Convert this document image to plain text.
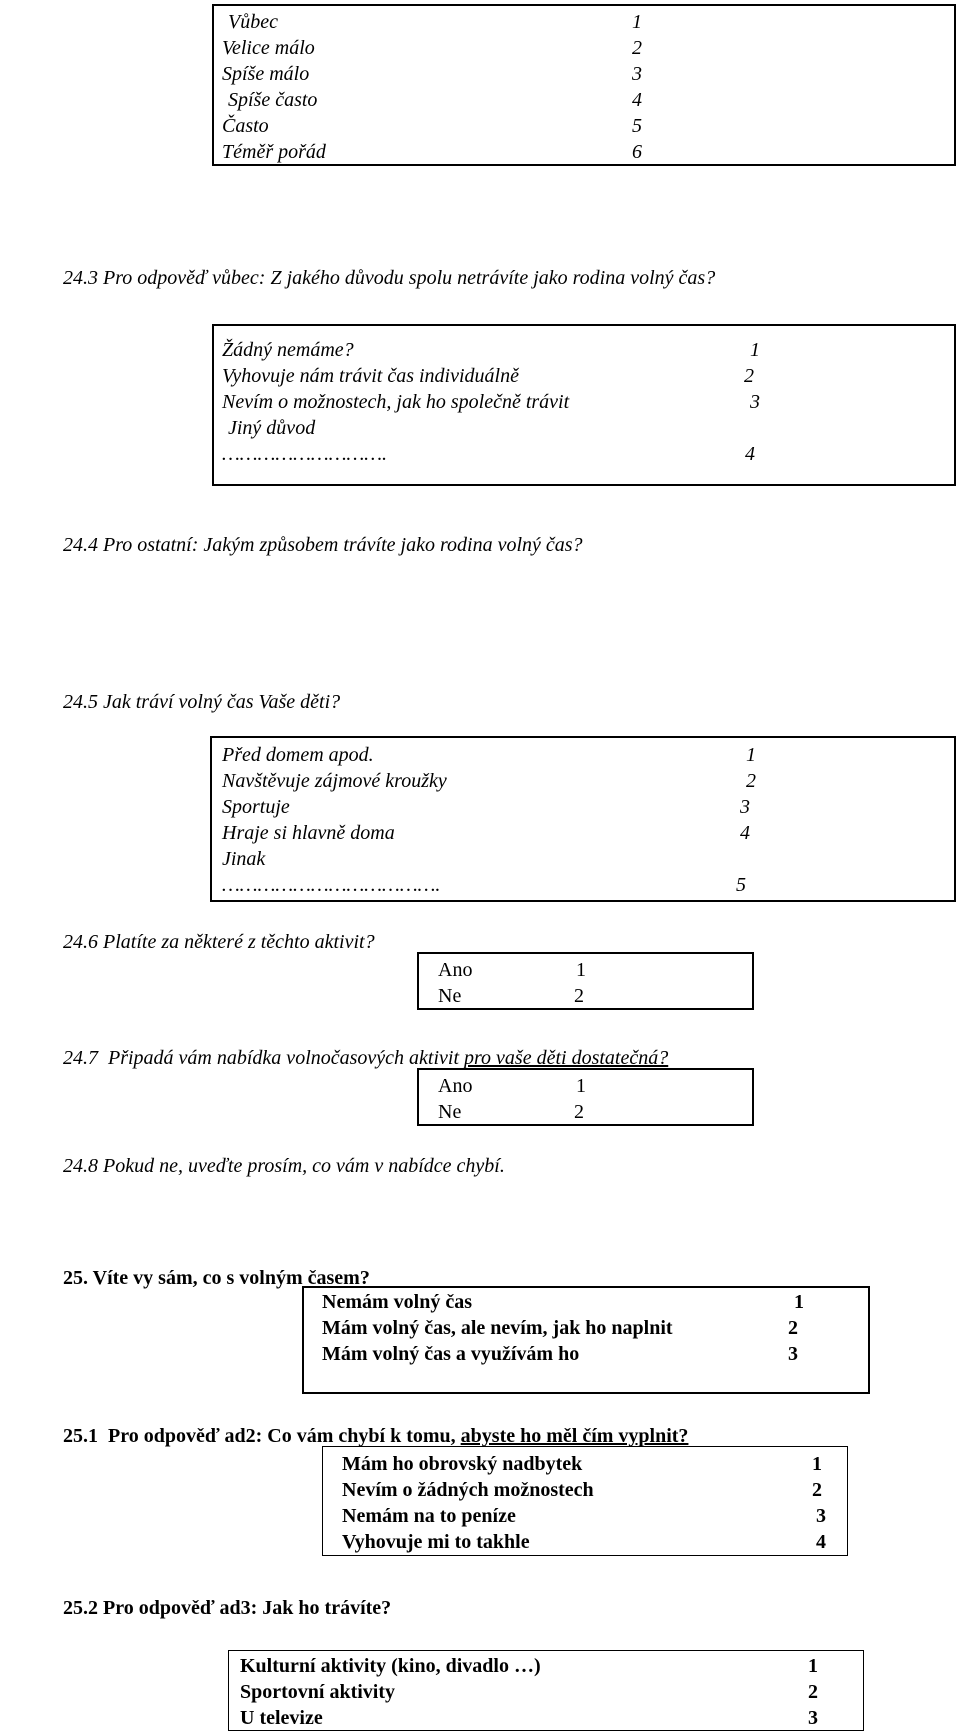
Vůbec	1
Velice málo	2
Spíše málo	3
Spíše často	4
Často	5
Téměř pořád	6
24.3 Pro odpověď vůbec: Z jakého důvodu spolu netrávíte jako rodina volný čas?
Žádný nemáme?	1
Vyhovuje nám trávit čas individuálně	2
Nevím o možnostech, jak ho společně trávit	3
Jiný důvod
……………………….	4
24.4 Pro ostatní: Jakým způsobem trávíte jako rodina volný čas?
24.5 Jak tráví volný čas Vaše děti?
Před domem apod.	1
Navštěvuje zájmové kroužky	2
Sportuje	3
Hraje si hlavně doma	4
Jinak
……………………………….	5
24.6 Platíte za některé z těchto aktivit?
Ano	1
Ne	2
24.7  Připadá vám nabídka volnočasových aktivit pro vaše děti dostatečná?
Ano	1
Ne	2
24.8 Pokud ne, uveďte prosím, co vám v nabídce chybí.
25. Víte vy sám, co s volným časem?
Nemám volný čas	1
Mám volný čas, ale nevím, jak ho naplnit	2
Mám volný čas a využívám ho	3
25.1  Pro odpověď ad2: Co vám chybí k tomu, abyste ho měl čím vyplnit?
Mám ho obrovský nadbytek	1
Nevím o žádných možnostech	2
Nemám na to peníze	3
Vyhovuje mi to takhle	4
25.2 Pro odpověď ad3: Jak ho trávíte?
Kulturní aktivity (kino, divadlo …)	1
Sportovní aktivity	2
U televize	3
